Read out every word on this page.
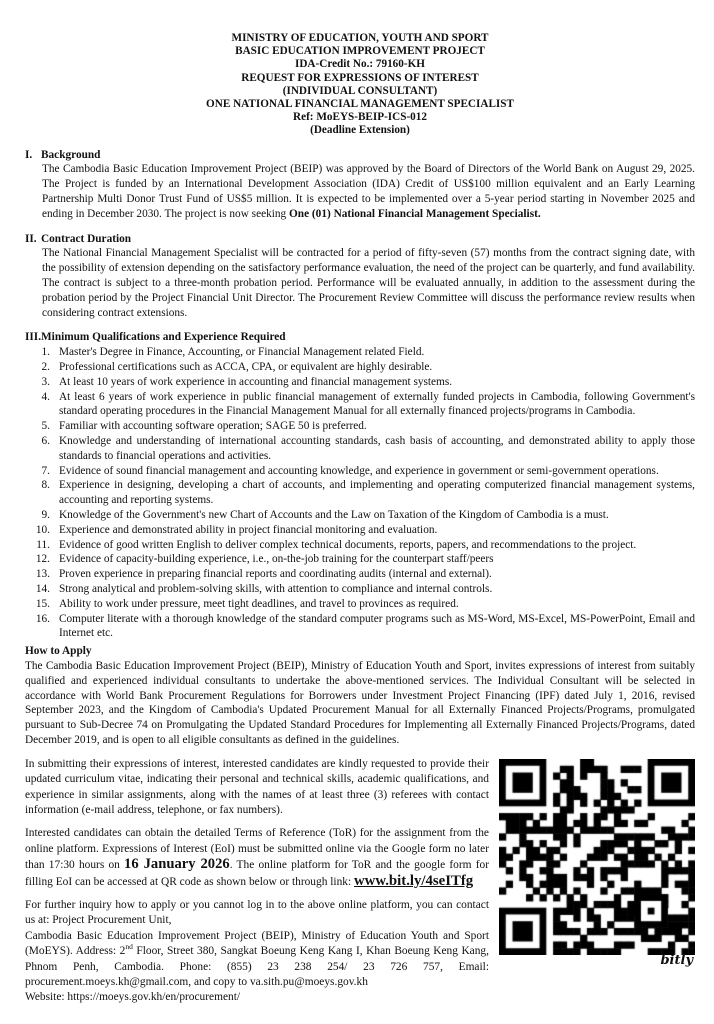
MINISTRY OF EDUCATION, YOUTH AND SPORT
BASIC EDUCATION IMPROVEMENT PROJECT
IDA-Credit No.: 79160-KH
REQUEST FOR EXPRESSIONS OF INTEREST
(INDIVIDUAL CONSULTANT)
ONE NATIONAL FINANCIAL MANAGEMENT SPECIALIST
Ref: MoEYS-BEIP-ICS-012
(Deadline Extension)
I. Background

The Cambodia Basic Education Improvement Project (BEIP) was approved by the Board of Directors of the World Bank on August 29, 2025. The Project is funded by an International Development Association (IDA) Credit of US$100 million equivalent and an Early Learning Partnership Multi Donor Trust Fund of US$5 million. It is expected to be implemented over a 5-year period starting in November 2025 and ending in December 2030. The project is now seeking One (01) National Financial Management Specialist.

II. Contract Duration

The National Financial Management Specialist will be contracted for a period of fifty-seven (57) months from the contract signing date, with the possibility of extension depending on the satisfactory performance evaluation, the need of the project can be quarterly, and fund availability. The contract is subject to a three-month probation period. Performance will be evaluated annually, in addition to the assessment during the probation period by the Project Financial Unit Director. The Procurement Review Committee will discuss the performance review results when considering contract extensions.

III. Minimum Qualifications and Experience Required
1. Master's Degree in Finance, Accounting, or Financial Management related Field.
2. Professional certifications such as ACCA, CPA, or equivalent are highly desirable.
3. At least 10 years of work experience in accounting and financial management systems.
4. At least 6 years of work experience in public financial management of externally funded projects in Cambodia, following Government's standard operating procedures in the Financial Management Manual for all externally financed projects/programs in Cambodia.
5. Familiar with accounting software operation; SAGE 50 is preferred.
6. Knowledge and understanding of international accounting standards, cash basis of accounting, and demonstrated ability to apply those standards to financial operations and activities.
7. Evidence of sound financial management and accounting knowledge, and experience in government or semi-government operations.
8. Experience in designing, developing a chart of accounts, and implementing and operating computerized financial management systems, accounting and reporting systems.
9. Knowledge of the Government's new Chart of Accounts and the Law on Taxation of the Kingdom of Cambodia is a must.
10. Experience and demonstrated ability in project financial monitoring and evaluation.
11. Evidence of good written English to deliver complex technical documents, reports, papers, and recommendations to the project.
12. Evidence of capacity-building experience, i.e., on-the-job training for the counterpart staff/peers
13. Proven experience in preparing financial reports and coordinating audits (internal and external).
14. Strong analytical and problem-solving skills, with attention to compliance and internal controls.
15. Ability to work under pressure, meet tight deadlines, and travel to provinces as required.
16. Computer literate with a thorough knowledge of the standard computer programs such as MS-Word, MS-Excel, MS-PowerPoint, Email and Internet etc.
How to Apply

The Cambodia Basic Education Improvement Project (BEIP), Ministry of Education Youth and Sport, invites expressions of interest from suitably qualified and experienced individual consultants to undertake the above-mentioned services. The Individual Consultant will be selected in accordance with World Bank Procurement Regulations for Borrowers under Investment Project Financing (IPF) dated July 1, 2016, revised September 2023, and the Kingdom of Cambodia's Updated Procurement Manual for all Externally Financed Projects/Programs, promulgated pursuant to Sub-Decree 74 on Promulgating the Updated Standard Procedures for Implementing all Externally Financed Projects/Programs, dated December 2019, and is open to all eligible consultants as defined in the guidelines.

bitly

In submitting their expressions of interest, interested candidates are kindly requested to provide their updated curriculum vitae, indicating their personal and technical skills, academic qualifications, and experience in similar assignments, along with the names of at least three (3) referees with contact information (e-mail address, telephone, or fax numbers).

Interested candidates can obtain the detailed Terms of Reference (ToR) for the assignment from the online platform. Expressions of Interest (EoI) must be submitted online via the Google form no later than 17:30 hours on 16 January 2026. The online platform for ToR and the google form for filling EoI can be accessed at QR code as shown below or through link: www.bit.ly/4seITfg

For further inquiry how to apply or you cannot log in to the above online platform, you can contact us at: Project Procurement Unit,

Cambodia Basic Education Improvement Project (BEIP), Ministry of Education Youth and Sport (MoEYS). Address: 2nd Floor, Street 380, Sangkat Boeung Keng Kang I, Khan Boeung Keng Kang, Phnom Penh, Cambodia. Phone: (855) 23 238 254/ 23 726 757, Email: procurement.moeys.kh@gmail.com, and copy to va.sith.pu@moeys.gov.kh

Website: https://moeys.gov.kh/en/procurement/
